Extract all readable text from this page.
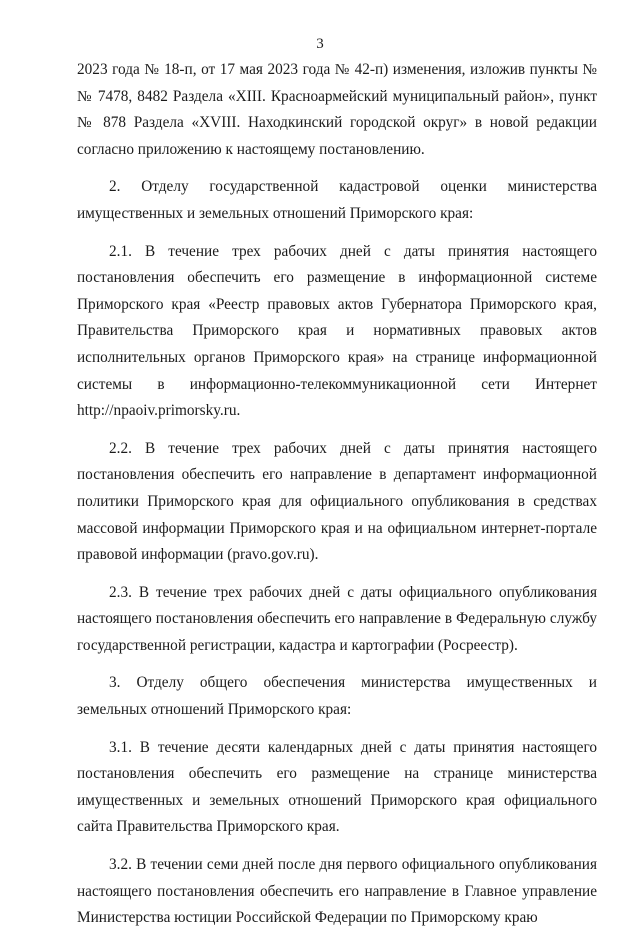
3

2023 года № 18-п, от 17 мая 2023 года № 42-п) изменения, изложив пункты №№ 7478, 8482 Раздела «XIII. Красноармейский муниципальный район», пункт № 878 Раздела «XVIII. Находкинский городской округ» в новой редакции согласно приложению к настоящему постановлению.

2. Отделу государственной кадастровой оценки министерства имущественных и земельных отношений Приморского края:

2.1. В течение трех рабочих дней с даты принятия настоящего постановления обеспечить его размещение в информационной системе Приморского края «Реестр правовых актов Губернатора Приморского края, Правительства Приморского края и нормативных правовых актов исполнительных органов Приморского края» на странице информационной системы в информационно-телекоммуникационной сети Интернет http://npaoiv.primorsky.ru.

2.2. В течение трех рабочих дней с даты принятия настоящего постановления обеспечить его направление в департамент информационной политики Приморского края для официального опубликования в средствах массовой информации Приморского края и на официальном интернет-портале правовой информации (pravo.gov.ru).

2.3. В течение трех рабочих дней с даты официального опубликования настоящего постановления обеспечить его направление в Федеральную службу государственной регистрации, кадастра и картографии (Росреестр).

3. Отделу общего обеспечения министерства имущественных и земельных отношений Приморского края:

3.1. В течение десяти календарных дней с даты принятия настоящего постановления обеспечить его размещение на странице министерства имущественных и земельных отношений Приморского края официального сайта Правительства Приморского края.

3.2. В течении семи дней после дня первого официального опубликования настоящего постановления обеспечить его направление в Главное управление Министерства юстиции Российской Федерации по Приморскому краю
